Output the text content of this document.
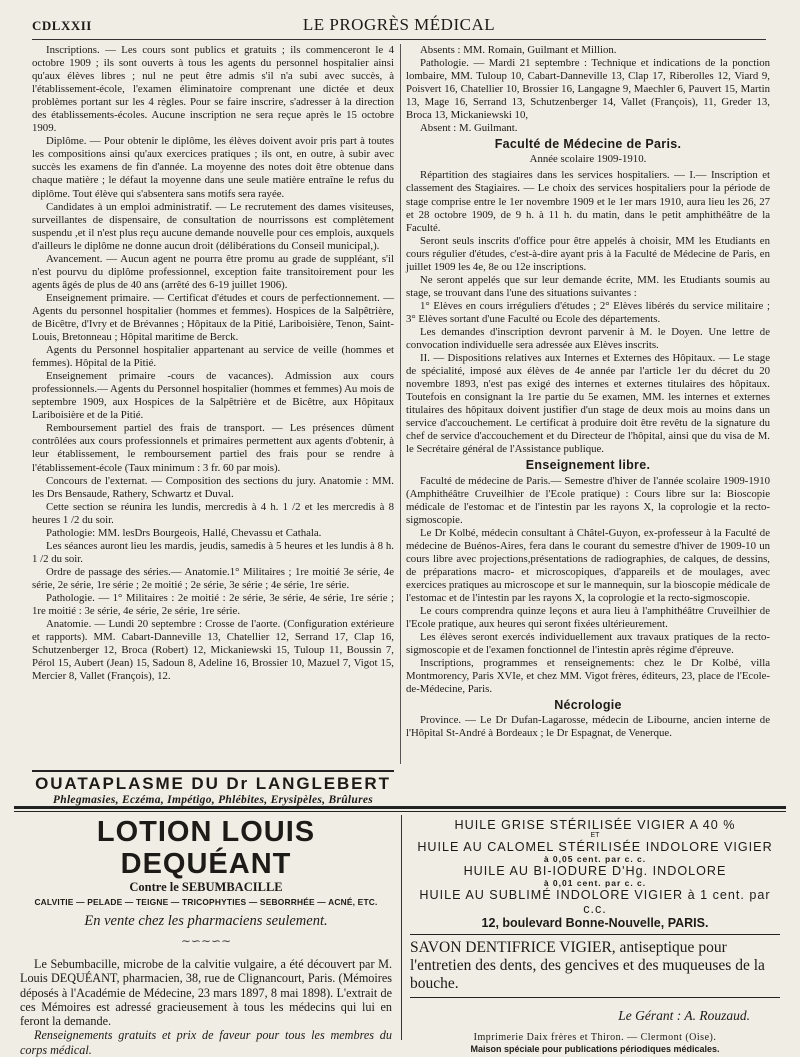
CDLXXII	LE PROGRÈS MÉDICAL

Inscriptions. — Les cours sont publics et gratuits ; ils commenceront le 4 octobre 1909 ; ils sont ouverts à tous les agents du personnel hospitalier ainsi qu'aux élèves libres ; nul ne peut être admis s'il n'a subi avec succès, à l'établissement-école, l'examen éliminatoire comprenant une dictée et deux problèmes portant sur les 4 règles. Pour se faire inscrire, s'adresser à la direction des établissements-écoles. Aucune inscription ne sera reçue après le 15 octobre 1909.

Diplôme. — Pour obtenir le diplôme, les élèves doivent avoir pris part à toutes les compositions ainsi qu'aux exercices pratiques ; ils ont, en outre, à subir avec succès les examens de fin d'année. La moyenne des notes doit être obtenue dans chaque matière ; le défaut la moyenne dans une seule matière entraîne le refus du diplôme. Tout élève qui s'absentera sans motifs sera rayée.

Candidates à un emploi administratif. — Le recrutement des dames visiteuses, surveillantes de dispensaire, de consultation de nourrissons est complètement suspendu ,et il n'est plus reçu aucune demande nouvelle pour ces emplois, auxquels d'ailleurs le diplôme ne donne aucun droit (délibérations du Conseil municipal,).

Avancement. — Aucun agent ne pourra être promu au grade de suppléant, s'il n'est pourvu du diplôme professionnel, exception faite transitoirement pour les agents âgés de plus de 40 ans (arrêté des 6-19 juillet 1906).

Enseignement primaire. — Certificat d'études et cours de perfectionnement. — Agents du personnel hospitalier (hommes et femmes). Hospices de la Salpêtrière, de Bicêtre, d'Ivry et de Brévannes ; Hôpitaux de la Pitié, Lariboisière, Tenon, Saint-Louis, Bretonneau ; Hôpital maritime de Berck.

Agents du Personnel hospitalier appartenant au service de veille (hommes et femmes). Hôpital de la Pitié.

Enseignement primaire -cours de vacances). Admission aux cours professionnels.— Agents du Personnel hospitalier (hommes et femmes) Au mois de septembre 1909, aux Hospices de la Salpêtrière et de Bicêtre, aux Hôpitaux Lariboisière et de la Pitié.

Remboursement partiel des frais de transport. — Les présences dûment contrôlées aux cours professionnels et primaires permettent aux agents d'obtenir, à leur établissement, le remboursement partiel des frais pour se rendre à l'établissement-école (Taux minimum : 3 fr. 60 par mois).

Concours de l'externat. — Composition des sections du jury. Anatomie : MM. les Drs Bensaude, Rathery, Schwartz et Duval.

Cette section se réunira les lundis, mercredis à 4 h. 1 /2 et les mercredis à 8 heures 1 /2 du soir.

Pathologie: MM. lesDrs Bourgeois, Hallé, Chevassu et Cathala.

Les séances auront lieu les mardis, jeudis, samedis à 5 heures et les lundis à 8 h. 1 /2 du soir.

Ordre de passage des séries.— Anatomie.1° Militaires ; 1re moitié 3e série, 4e série, 2e série, 1re série ; 2e moitié ; 2e série, 3e série ; 4e série, 1re série.

Pathologie. — 1° Militaires : 2e moitié : 2e série, 3e série, 4e série, 1re série ; 1re moitié : 3e série, 4e série, 2e série, 1re série.

Anatomie. — Lundi 20 septembre : Crosse de l'aorte. (Configuration extérieure et rapports). MM. Cabart-Danneville 13, Chatellier 12, Serrand 17, Clap 16, Schutzenberger 12, Broca (Robert) 12, Mickaniewski 15, Tuloup 11, Boussin 7, Pérol 15, Aubert (Jean) 15, Sadoun 8, Adeline 16, Brossier 10, Mazuel 7, Vigot 15, Mercier 8, Vallet (François), 12.

Absents : MM. Romain, Guilmant et Million.

Pathologie. — Mardi 21 septembre : Technique et indications de la ponction lombaire, MM. Tuloup 10, Cabart-Danneville 13, Clap 17, Riberolles 12, Viard 9, Poisvert 16, Chatellier 10, Brossier 16, Langagne 9, Maechler 6, Pauvert 15, Martin 13, Mage 16, Serrand 13, Schutzenberger 14, Vallet (François), 11, Greder 13, Broca 13, Mickaniewski 10,

Absent : M. Guilmant.

Faculté de Médecine de Paris.
Année scolaire 1909-1910.

Répartition des stagiaires dans les services hospitaliers. — I.— Inscription et classement des Stagiaires. — Le choix des services hospitaliers pour la période de stage comprise entre le 1er novembre 1909 et le 1er mars 1910, aura lieu les 26, 27 et 28 octobre 1909, de 9 h. à 11 h. du matin, dans le petit amphithéâtre de la Faculté.

Seront seuls inscrits d'office pour être appelés à choisir, MM les Etudiants en cours régulier d'études, c'est-à-dire ayant pris à la Faculté de Médecine de Paris, en juillet 1909 les 4e, 8e ou 12e inscriptions.

Ne seront appelés que sur leur demande écrite, MM. les Etudiants soumis au stage, se trouvant dans l'une des situations suivantes :

1° Elèves en cours irréguliers d'études ; 2° Elèves libérés du service militaire ; 3° Elèves sortant d'une Faculté ou Ecole des départements.

Les demandes d'inscription devront parvenir à M. le Doyen. Une lettre de convocation individuelle sera adressée aux Elèves inscrits.

II. — Dispositions relatives aux Internes et Externes des Hôpitaux. — Le stage de spécialité, imposé aux élèves de 4e année par l'article 1er du décret du 20 novembre 1893, n'est pas exigé des internes et externes titulaires des hôpitaux. Toutefois en consignant la 1re partie du 5e examen, MM. les internes et externes titulaires des hôpitaux doivent justifier d'un stage de deux mois au moins dans un service d'accouchement. Le certificat à produire doit être revêtu de la signature du chef de service d'accouchement et du Directeur de l'hôpital, ainsi que du visa de M. le Secrétaire général de l'Assistance publique.

Enseignement libre.

Faculté de médecine de Paris.— Semestre d'hiver de l'année scolaire 1909-1910 (Amphithéâtre Cruveilhier de l'Ecole pratique) : Cours libre sur la: Bioscopie médicale de l'estomac et de l'intestin par les rayons X, la coprologie et la recto-sigmoscopie.

Le Dr Kolbé, médecin consultant à Châtel-Guyon, ex-professeur à la Faculté de médecine de Buénos-Aires, fera dans le courant du semestre d'hiver de 1909-10 un cours libre avec projections,présentations de radiographies, de calques, de dessins, de préparations macro- et microscopiques, d'appareils et de moulages, avec exercices pratiques au microscope et sur le mannequin, sur la bioscopie médicale de l'estomac et de l'intestin par les rayons X, la coprologie et la recto-sigmoscopie.

Le cours comprendra quinze leçons et aura lieu à l'amphithéâtre Cruveilhier de l'Ecole pratique, aux heures qui seront fixées ultérieurement.

Les élèves seront exercés individuellement aux travaux pratiques de la recto-sigmoscopie et de l'examen fonctionnel de l'intestin après régime d'épreuve.

Inscriptions, programmes et renseignements: chez le Dr Kolbé, villa Montmorency, Paris XVIe, et chez MM. Vigot frères, éditeurs, 23, place de l'Ecole-de-Médecine, Paris.

Nécrologie

Province. — Le Dr Dufan-Lagarosse, médecin de Libourne, ancien interne de l'Hôpital St-André à Bordeaux ; le Dr Espagnat, de Venerque.

OUATAPLASME DU Dr LANGLEBERT
Phlegmasies, Eczéma, Impétigo, Phlébites, Erysipèles, Brûlures
LOTION LOUIS DEQUÉANT
Contre le SEBUMBACILLE
CALVITIE — PELADE — TEIGNE — TRICOPHYTIES — SEBORRHÉE — ACNÉ, ETC.
En vente chez les pharmaciens seulement.
∼∽∼∽∼

Le Sebumbacille, microbe de la calvitie vulgaire, a été découvert par M. Louis DEQUÉANT, pharmacien, 38, rue de Clignancourt, Paris. (Mémoires déposés à l'Académie de Médecine, 23 mars 1897, 8 mai 1898). L'extrait de ces Mémoires est adressé gracieusement à tous les médecins qui lui en feront la demande.

Renseignements gratuits et prix de faveur pour tous les membres du corps médical.

HUILE GRISE STÉRILISÉE VIGIER A 40 %
ET
HUILE AU CALOMEL STÉRILISÉE INDOLORE VIGIER
à 0,05 cent. par c. c.
HUILE AU BI-IODURE D'Hg. INDOLORE
à 0,01 cent. par c. c.
HUILE AU SUBLIMÉ INDOLORE VIGIER à 1 cent. par c.c.
12, boulevard Bonne-Nouvelle, PARIS.
SAVON DENTIFRICE VIGIER, antiseptique pour l'entretien des dents, des gencives et des muqueuses de la bouche.
Le Gérant : A. Rouzaud.
Imprimerie Daix frères et Thiron. — Clermont (Oise).
Maison spéciale pour publications périodiques médicales.
